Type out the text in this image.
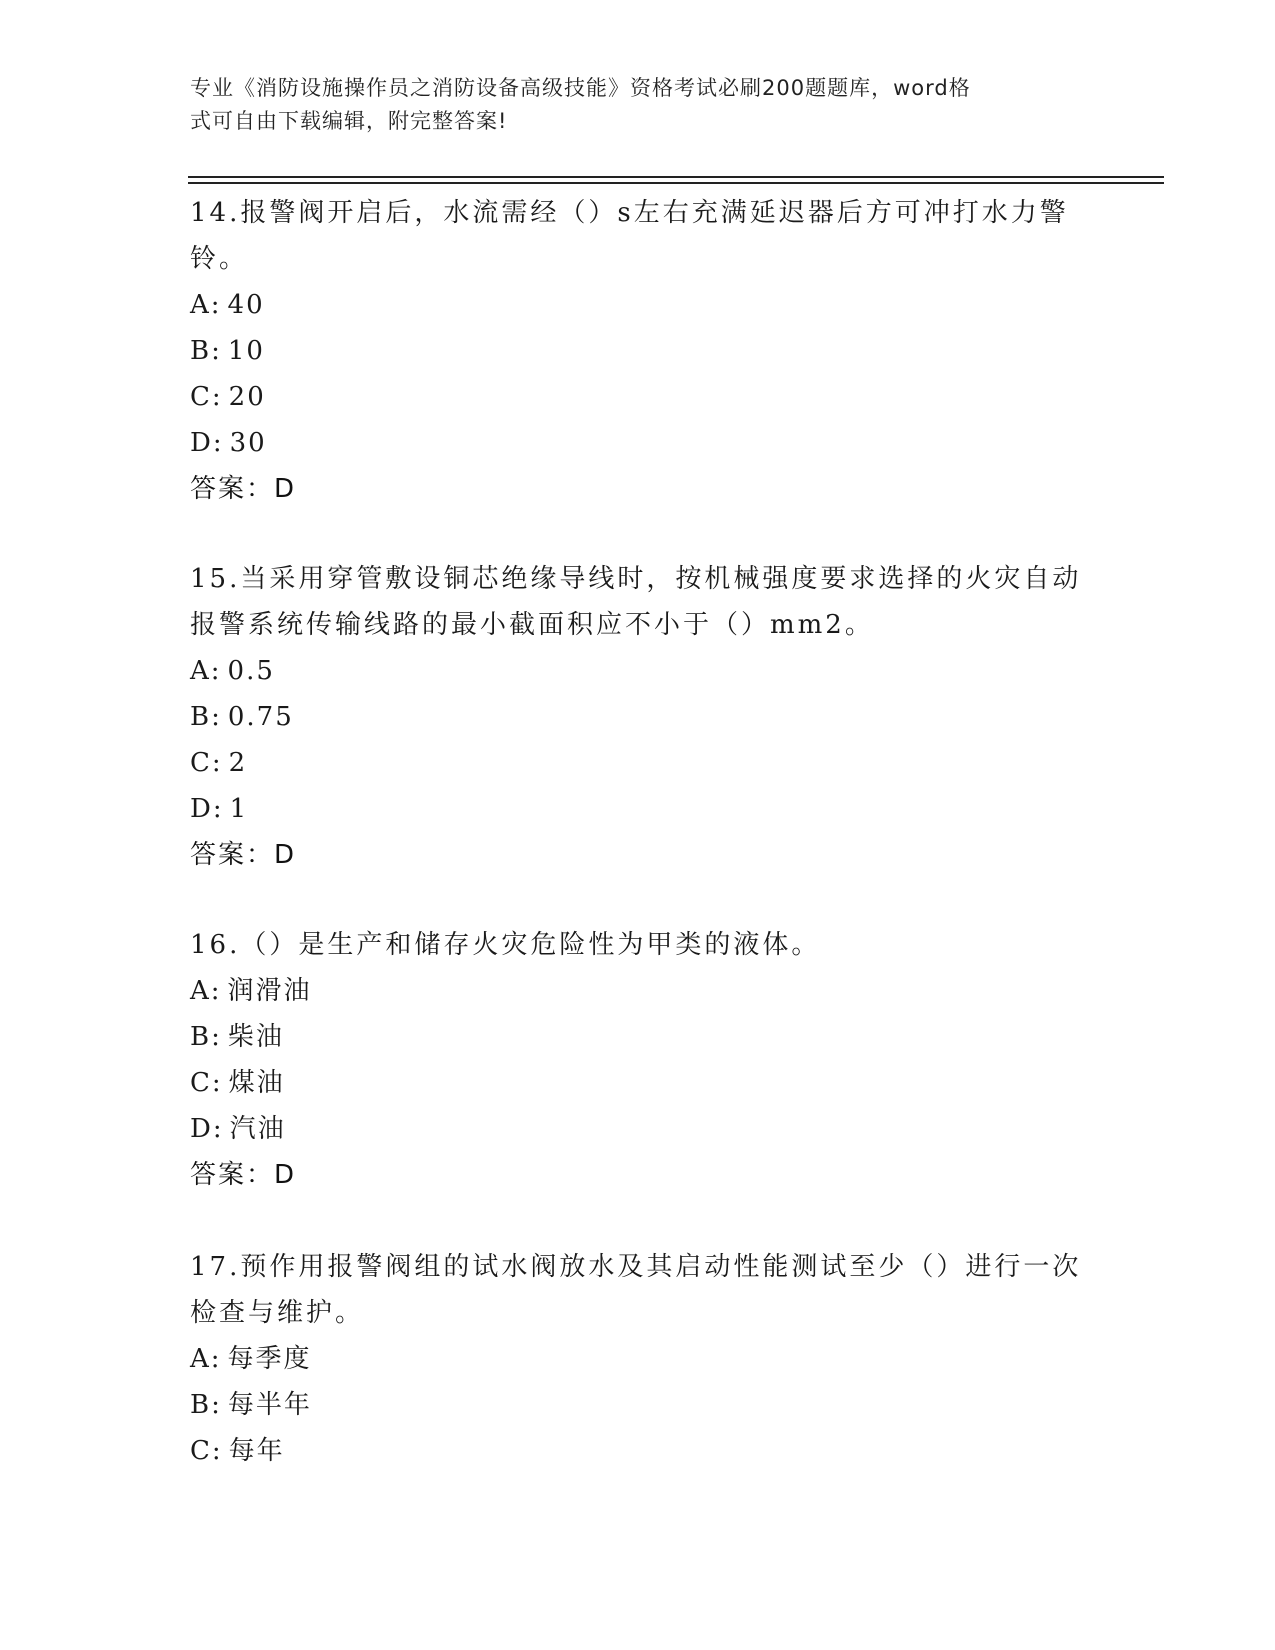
专业《消防设施操作员之消防设备高级技能》资格考试必刷200题题库，word格
式可自由下载编辑，附完整答案!
14.报警阀开启后，水流需经（）s左右充满延迟器后方可冲打水力警
铃。
A: 40
B: 10
C: 20
D: 30
答案：D
15.当采用穿管敷设铜芯绝缘导线时，按机械强度要求选择的火灾自动
报警系统传输线路的最小截面积应不小于（）mm2。
A: 0.5
B: 0.75
C: 2
D: 1
答案：D
16.（）是生产和储存火灾危险性为甲类的液体。
A: 润滑油
B: 柴油
C: 煤油
D: 汽油
答案：D
17.预作用报警阀组的试水阀放水及其启动性能测试至少（）进行一次
检查与维护。
A: 每季度
B: 每半年
C: 每年
